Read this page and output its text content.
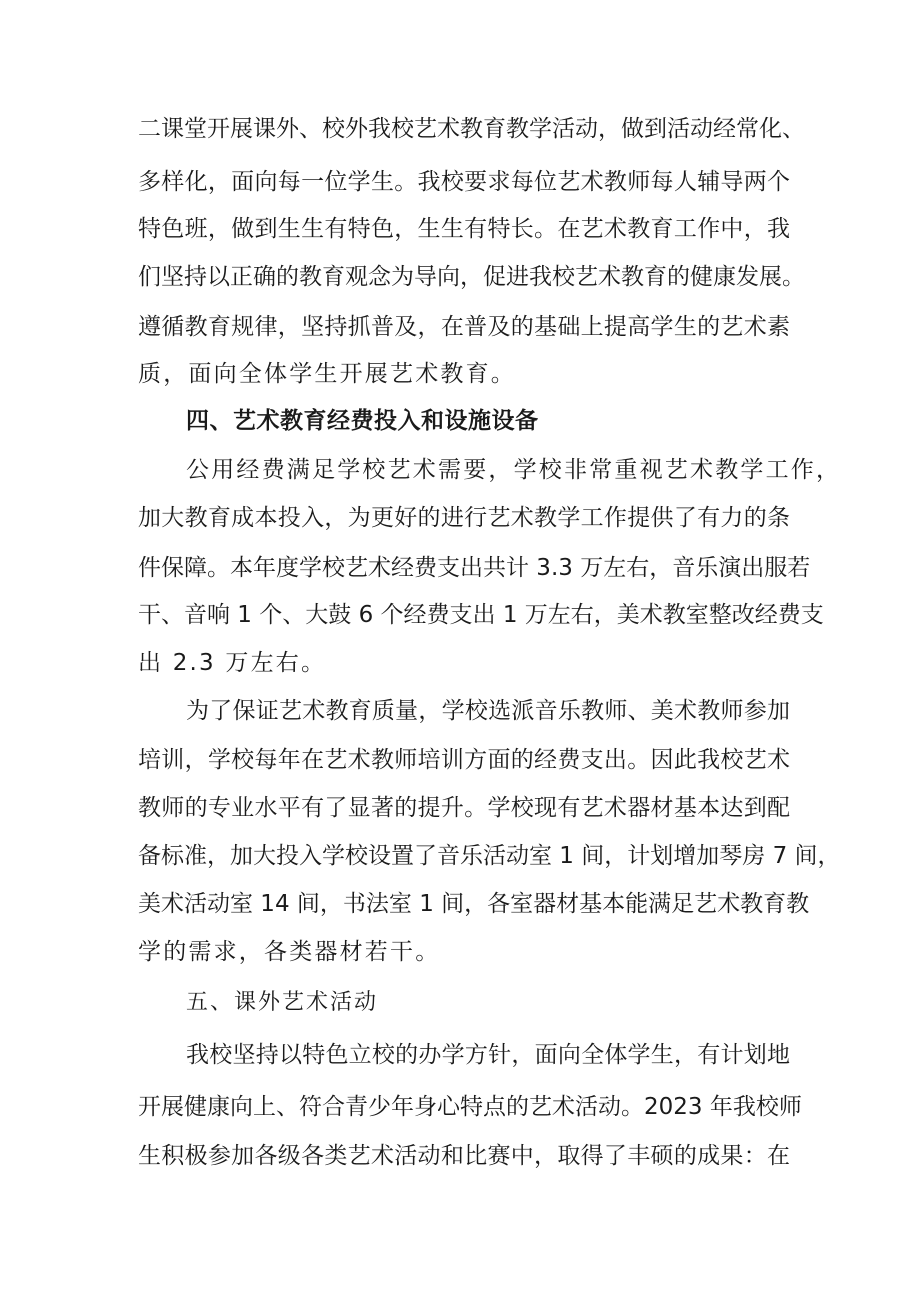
二课堂开展课外、校外我校艺术教育教学活动，做到活动经常化、
多样化，面向每一位学生。我校要求每位艺术教师每人辅导两个
特色班，做到生生有特色，生生有特长。在艺术教育工作中，我
们坚持以正确的教育观念为导向，促进我校艺术教育的健康发展。
遵循教育规律，坚持抓普及，在普及的基础上提高学生的艺术素
质，面向全体学生开展艺术教育。
四、艺术教育经费投入和设施设备
公用经费满足学校艺术需要，学校非常重视艺术教学工作，
加大教育成本投入，为更好的进行艺术教学工作提供了有力的条
件保障。本年度学校艺术经费支出共计 3.3 万左右，音乐演出服若
干、音响 1 个、大鼓 6 个经费支出 1 万左右，美术教室整改经费支
出 2.3 万左右。
为了保证艺术教育质量，学校选派音乐教师、美术教师参加
培训，学校每年在艺术教师培训方面的经费支出。因此我校艺术
教师的专业水平有了显著的提升。学校现有艺术器材基本达到配
备标准，加大投入学校设置了音乐活动室 1 间，计划增加琴房 7 间，
美术活动室 14 间，书法室 1 间，各室器材基本能满足艺术教育教
学的需求，各类器材若干。
五、课外艺术活动
我校坚持以特色立校的办学方针，面向全体学生，有计划地
开展健康向上、符合青少年身心特点的艺术活动。2023 年我校师
生积极参加各级各类艺术活动和比赛中，取得了丰硕的成果：在
